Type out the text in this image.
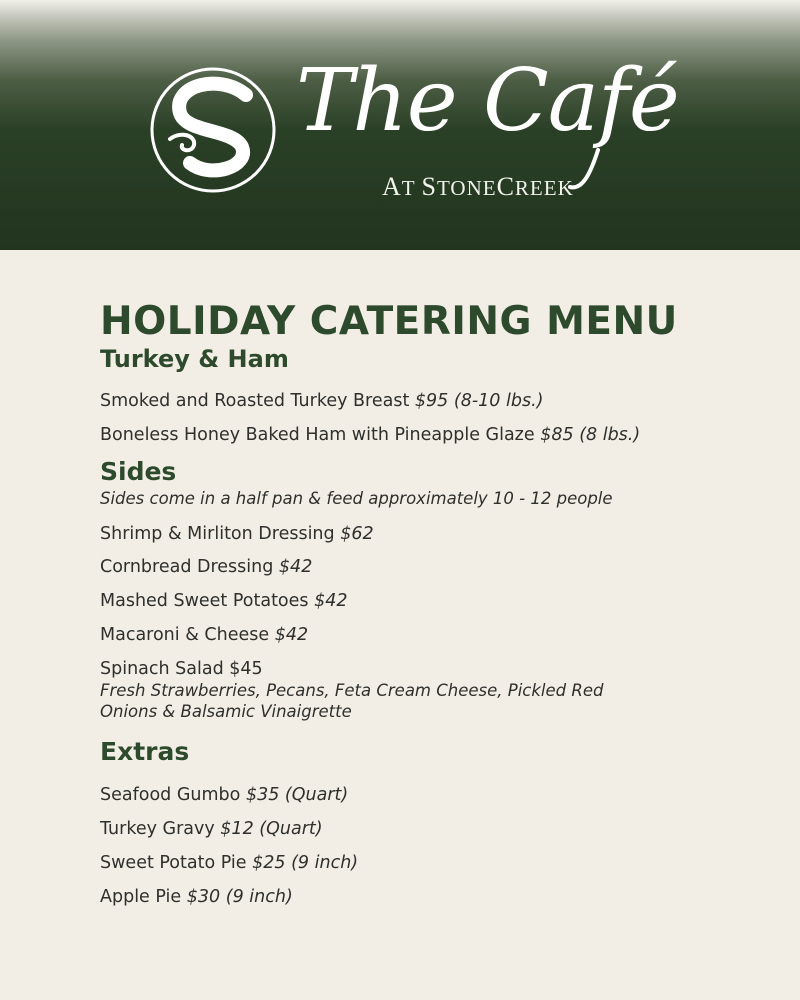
The Café
AT STONECREEK
HOLIDAY CATERING MENU
Turkey & Ham
Smoked and Roasted Turkey Breast $95 (8-10 lbs.)
Boneless Honey Baked Ham with Pineapple Glaze $85 (8 lbs.)
Sides
Sides come in a half pan & feed approximately 10 - 12 people
Shrimp & Mirliton Dressing $62
Cornbread Dressing $42
Mashed Sweet Potatoes $42
Macaroni & Cheese $42
Spinach Salad $45
Fresh Strawberries, Pecans, Feta Cream Cheese, Pickled Red
Onions & Balsamic Vinaigrette
Extras
Seafood Gumbo $35 (Quart)
Turkey Gravy $12 (Quart)
Sweet Potato Pie $25 (9 inch)
Apple Pie $30 (9 inch)
